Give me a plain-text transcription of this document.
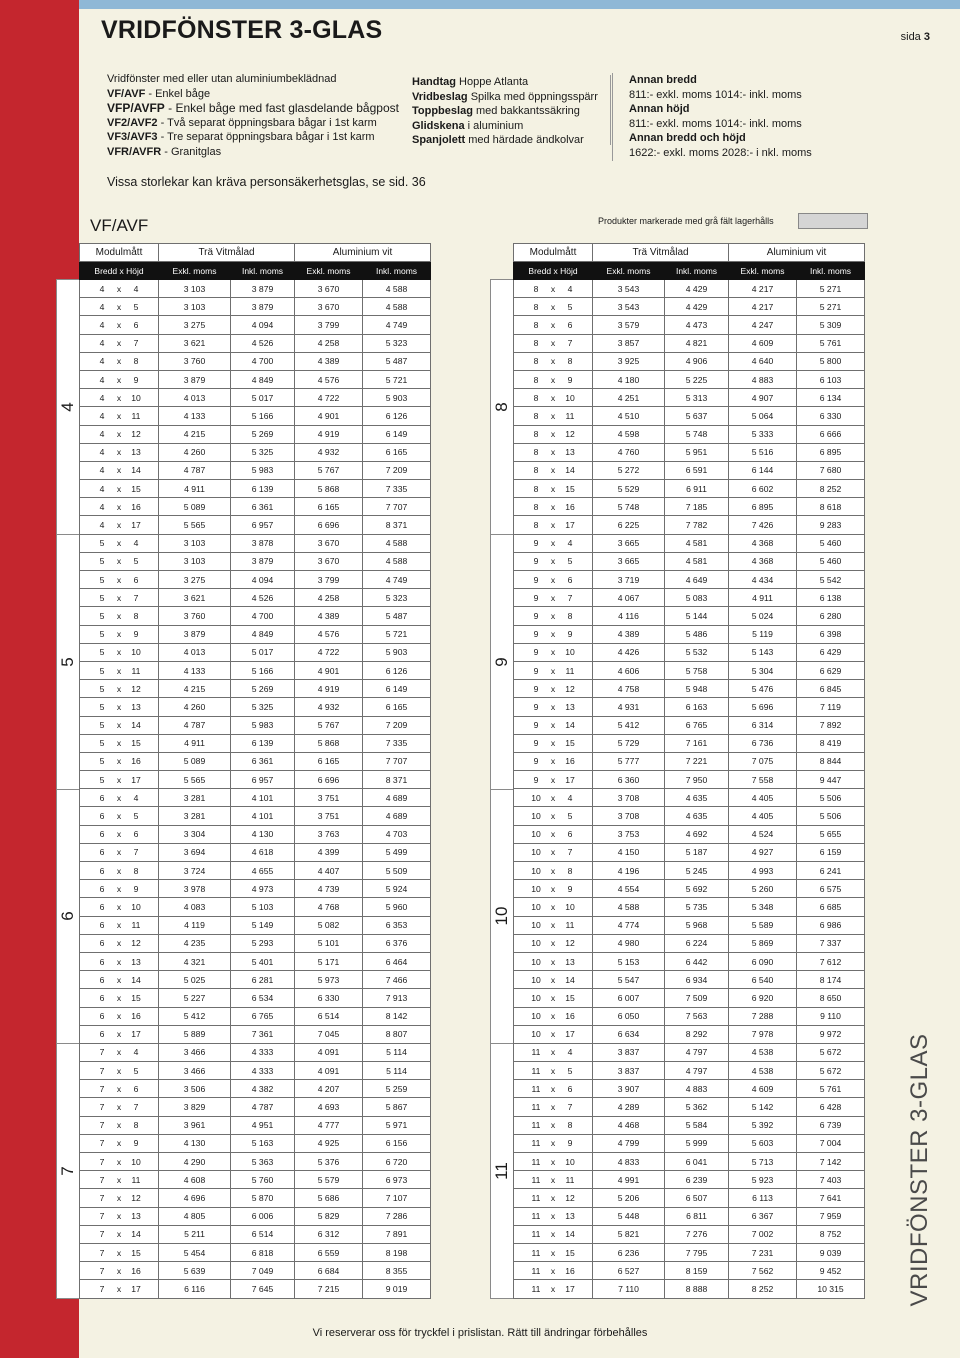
VRIDFÖNSTER 3-GLAS	sida 3
Vridfönster med eller utan aluminiumbeklädnad
VF/AVF - Enkel båge
VFP/AVFP - Enkel båge med fast glasdelande bågpost
VF2/AVF2 - Två separat öppningsbara bågar i 1st karm
VF3/AVF3 - Tre separat öppningsbara bågar i 1st karm
VFR/AVFR - Granitglas
Handtag Hoppe Atlanta
Vridbeslag Spilka med öppningsspärr
Toppbeslag med bakkantssäkring
Glidskena i aluminium
Spanjolett med härdade ändkolvar
Annan bredd
811:- exkl. moms 1014:- inkl. moms
Annan höjd
811:- exkl. moms 1014:- inkl. moms
Annan bredd och höjd
1622:- exkl. moms 2028:- i nkl. moms
Vissa storlekar kan kräva personsäkerhetsglas, se sid. 36
VF/AVF	Produkter markerade med grå fält lagerhålls
Modulmått	Trä Vitmålad		Aluminium vit	
Bredd x Höjd	Exkl. moms	Inkl. moms	Exkl. moms	Inkl. moms
4 x 4	3 103	3 879	3 670	4 588
4 x 5	3 103	3 879	3 670	4 588
4 x 6	3 275	4 094	3 799	4 749
4 x 7	3 621	4 526	4 258	5 323
4 x 8	3 760	4 700	4 389	5 487
4 x 9	3 879	4 849	4 576	5 721
4 x 10	4 013	5 017	4 722	5 903
4 x 11	4 133	5 166	4 901	6 126
4 x 12	4 215	5 269	4 919	6 149
4 x 13	4 260	5 325	4 932	6 165
4 x 14	4 787	5 983	5 767	7 209
4 x 15	4 911	6 139	5 868	7 335
4 x 16	5 089	6 361	6 165	7 707
4 x 17	5 565	6 957	6 696	8 371
5 x 4	3 103	3 878	3 670	4 588
5 x 5	3 103	3 879	3 670	4 588
5 x 6	3 275	4 094	3 799	4 749
5 x 7	3 621	4 526	4 258	5 323
5 x 8	3 760	4 700	4 389	5 487
5 x 9	3 879	4 849	4 576	5 721
5 x 10	4 013	5 017	4 722	5 903
5 x 11	4 133	5 166	4 901	6 126
5 x 12	4 215	5 269	4 919	6 149
5 x 13	4 260	5 325	4 932	6 165
5 x 14	4 787	5 983	5 767	7 209
5 x 15	4 911	6 139	5 868	7 335
5 x 16	5 089	6 361	6 165	7 707
5 x 17	5 565	6 957	6 696	8 371
6 x 4	3 281	4 101	3 751	4 689
6 x 5	3 281	4 101	3 751	4 689
6 x 6	3 304	4 130	3 763	4 703
6 x 7	3 694	4 618	4 399	5 499
6 x 8	3 724	4 655	4 407	5 509
6 x 9	3 978	4 973	4 739	5 924
6 x 10	4 083	5 103	4 768	5 960
6 x 11	4 119	5 149	5 082	6 353
6 x 12	4 235	5 293	5 101	6 376
6 x 13	4 321	5 401	5 171	6 464
6 x 14	5 025	6 281	5 973	7 466
6 x 15	5 227	6 534	6 330	7 913
6 x 16	5 412	6 765	6 514	8 142
6 x 17	5 889	7 361	7 045	8 807
7 x 4	3 466	4 333	4 091	5 114
7 x 5	3 466	4 333	4 091	5 114
7 x 6	3 506	4 382	4 207	5 259
7 x 7	3 829	4 787	4 693	5 867
7 x 8	3 961	4 951	4 777	5 971
7 x 9	4 130	5 163	4 925	6 156
7 x 10	4 290	5 363	5 376	6 720
7 x 11	4 608	5 760	5 579	6 973
7 x 12	4 696	5 870	5 686	7 107
7 x 13	4 805	6 006	5 829	7 286
7 x 14	5 211	6 514	6 312	7 891
7 x 15	5 454	6 818	6 559	8 198
7 x 16	5 639	7 049	6 684	8 355
7 x 17	6 116	7 645	7 215	9 019
4
5
6
7
Modulmått	Trä Vitmålad		Aluminium vit	
Bredd x Höjd	Exkl. moms	Inkl. moms	Exkl. moms	Inkl. moms
8 x 4	3 543	4 429	4 217	5 271
8 x 5	3 543	4 429	4 217	5 271
8 x 6	3 579	4 473	4 247	5 309
8 x 7	3 857	4 821	4 609	5 761
8 x 8	3 925	4 906	4 640	5 800
8 x 9	4 180	5 225	4 883	6 103
8 x 10	4 251	5 313	4 907	6 134
8 x 11	4 510	5 637	5 064	6 330
8 x 12	4 598	5 748	5 333	6 666
8 x 13	4 760	5 951	5 516	6 895
8 x 14	5 272	6 591	6 144	7 680
8 x 15	5 529	6 911	6 602	8 252
8 x 16	5 748	7 185	6 895	8 618
8 x 17	6 225	7 782	7 426	9 283
9 x 4	3 665	4 581	4 368	5 460
9 x 5	3 665	4 581	4 368	5 460
9 x 6	3 719	4 649	4 434	5 542
9 x 7	4 067	5 083	4 911	6 138
9 x 8	4 116	5 144	5 024	6 280
9 x 9	4 389	5 486	5 119	6 398
9 x 10	4 426	5 532	5 143	6 429
9 x 11	4 606	5 758	5 304	6 629
9 x 12	4 758	5 948	5 476	6 845
9 x 13	4 931	6 163	5 696	7 119
9 x 14	5 412	6 765	6 314	7 892
9 x 15	5 729	7 161	6 736	8 419
9 x 16	5 777	7 221	7 075	8 844
9 x 17	6 360	7 950	7 558	9 447
10 x 4	3 708	4 635	4 405	5 506
10 x 5	3 708	4 635	4 405	5 506
10 x 6	3 753	4 692	4 524	5 655
10 x 7	4 150	5 187	4 927	6 159
10 x 8	4 196	5 245	4 993	6 241
10 x 9	4 554	5 692	5 260	6 575
10 x 10	4 588	5 735	5 348	6 685
10 x 11	4 774	5 968	5 589	6 986
10 x 12	4 980	6 224	5 869	7 337
10 x 13	5 153	6 442	6 090	7 612
10 x 14	5 547	6 934	6 540	8 174
10 x 15	6 007	7 509	6 920	8 650
10 x 16	6 050	7 563	7 288	9 110
10 x 17	6 634	8 292	7 978	9 972
11 x 4	3 837	4 797	4 538	5 672
11 x 5	3 837	4 797	4 538	5 672
11 x 6	3 907	4 883	4 609	5 761
11 x 7	4 289	5 362	5 142	6 428
11 x 8	4 468	5 584	5 392	6 739
11 x 9	4 799	5 999	5 603	7 004
11 x 10	4 833	6 041	5 713	7 142
11 x 11	4 991	6 239	5 923	7 403
11 x 12	5 206	6 507	6 113	7 641
11 x 13	5 448	6 811	6 367	7 959
11 x 14	5 821	7 276	7 002	8 752
11 x 15	6 236	7 795	7 231	9 039
11 x 16	6 527	8 159	7 562	9 452
11 x 17	7 110	8 888	8 252	10 315
8
9
10
11	VRIDFÖNSTER 3-GLAS
Vi reserverar oss för tryckfel i prislistan. Rätt till ändringar förbehålles
